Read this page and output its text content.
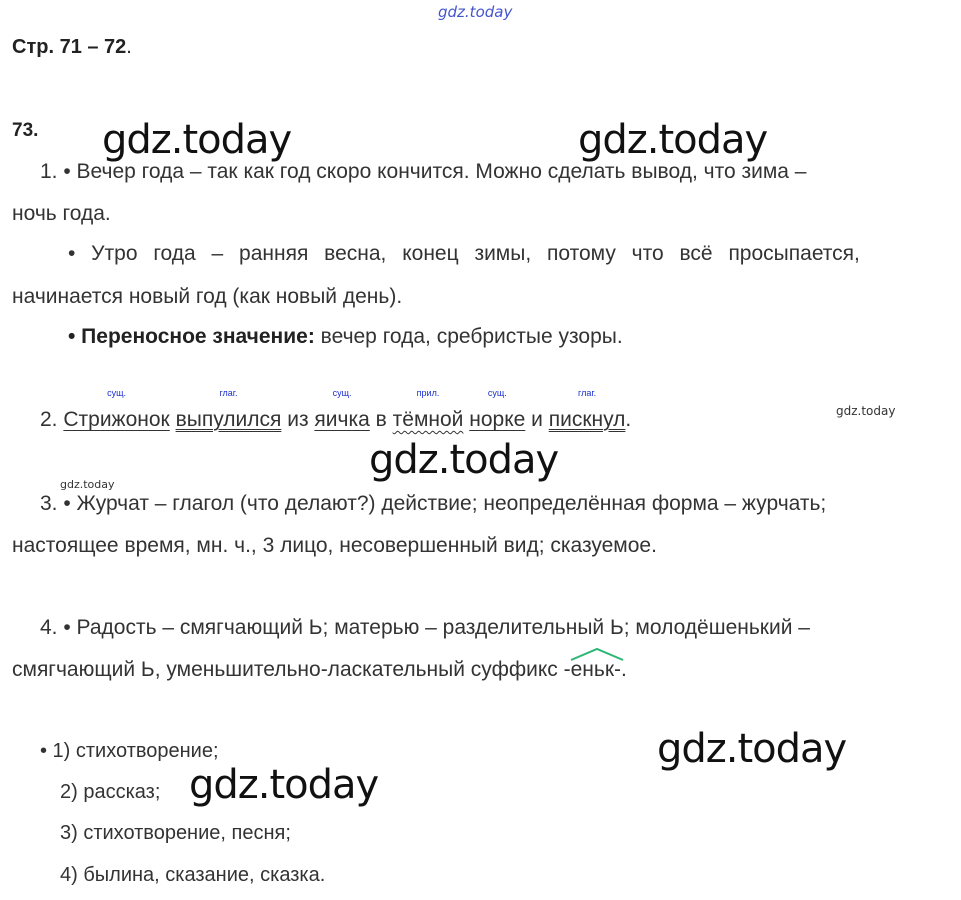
gdz.today
gdz.today	gdz.today
gdz.today
gdz.today
gdz.today
gdz.today
gdz.today
Стр. 71 – 72.
73.
1. • Вечер года – так как год скоро кончится. Можно сделать вывод, что зима –
ночь года.
• Утро года – ранняя весна, конец зимы, потому что всё просыпается,
начинается новый год (как новый день).
• Переносное значение: вечер года, сребристые узоры.
2.
сущ.
Стрижонок
глаг.
выпулился из
сущ.
яичка в
прил.
тёмной
сущ.
норке и
глаг.
пискнул.
3. • Журчат – глагол (что делают?) действие; неопределённая форма – журчать;
настоящее время, мн. ч., 3 лицо, несовершенный вид; сказуемое.
4. • Радость – смягчающий Ь; матерью – разделительный Ь; молодёшенький –
смягчающий Ь, уменьшительно-ласкательный суффикс -
еньк-.
• 1) стихотворение;
2) рассказ;
3) стихотворение, песня;
4) былина, сказание, сказка.
